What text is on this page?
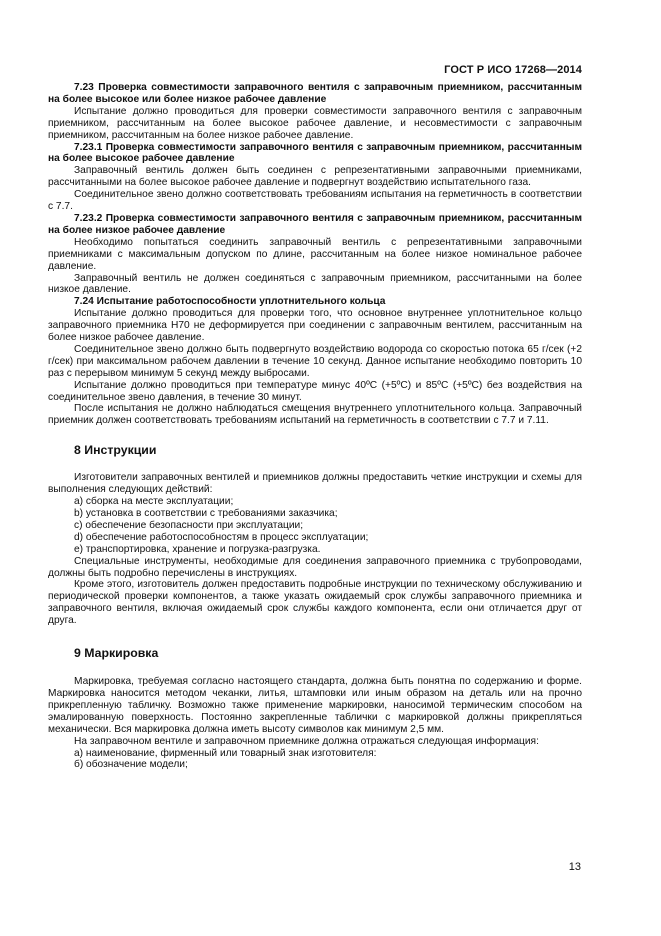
ГОСТ Р ИСО 17268—2014

7.23 Проверка совместимости заправочного вентиля с заправочным приемником, рассчитанным на более высокое или более низкое рабочее давление

Испытание должно проводиться для проверки совместимости заправочного вентиля с заправочным приемником, рассчитанным на более высокое рабочее давление, и несовместимости с заправочным приемником, рассчитанным на более низкое рабочее давление.

7.23.1 Проверка совместимости заправочного вентиля с заправочным приемником, рассчитанным на более высокое рабочее давление

Заправочный вентиль должен быть соединен с репрезентативными заправочными приемниками, рассчитанными на более высокое рабочее давление и подвергнут воздействию испытательного газа.

Соединительное звено должно соответствовать требованиям испытания на герметичность в соответствии с 7.7.

7.23.2 Проверка совместимости заправочного вентиля с заправочным приемником, рассчитанным на более низкое рабочее давление

Необходимо попытаться соединить заправочный вентиль с репрезентативными заправочными приемниками с максимальным допуском по длине, рассчитанным на более низкое номинальное рабочее давление.

Заправочный вентиль не должен соединяться с заправочным приемником, рассчитанными на более низкое давление.

7.24 Испытание работоспособности уплотнительного кольца

Испытание должно проводиться для проверки того, что основное внутреннее уплотнительное кольцо заправочного приемника Н70 не деформируется при соединении с заправочным вентилем, рассчитанным на более низкое рабочее давление.

Соединительное звено должно быть подвергнуто воздействию водорода со скоростью потока 65 г/сек (+2 г/сек) при максимальном рабочем давлении в течение 10 секунд. Данное испытание необходимо повторить 10 раз с перерывом минимум 5 секунд между выбросами.

Испытание должно проводиться при температуре минус 40ºС (+5ºС) и 85ºС (+5ºС) без воздействия на соединительное звено давления, в течение 30 минут.

После испытания не должно наблюдаться смещения внутреннего уплотнительного кольца. Заправочный приемник должен соответствовать требованиям испытаний на герметичность в соответствии с 7.7 и 7.11.

8 Инструкции

Изготовители заправочных вентилей и приемников должны предоставить четкие инструкции и схемы для выполнения следующих действий:

а) сборка на месте эксплуатации;

b) установка в соответствии с требованиями заказчика;

c) обеспечение безопасности при эксплуатации;

d) обеспечение работоспособностям в процесс эксплуатации;

е) транспортировка, хранение и погрузка-разгрузка.

Специальные инструменты, необходимые для соединения заправочного приемника с трубопроводами, должны быть подробно перечислены в инструкциях.

Кроме этого, изготовитель должен предоставить подробные инструкции по техническому обслуживанию и периодической проверки компонентов, а также указать ожидаемый срок службы заправочного приемника и заправочного вентиля, включая ожидаемый срок службы каждого компонента, если они отличается друг от друга.

9 Маркировка

Маркировка, требуемая согласно настоящего стандарта, должна быть понятна по содержанию и форме. Маркировка наносится методом чеканки, литья, штамповки или иным образом на деталь или на прочно прикрепленную табличку. Возможно также применение маркировки, наносимой термическим способом на эмалированную поверхность. Постоянно закрепленные таблички с маркировкой должны прикрепляться механически. Вся маркировка должна иметь высоту символов как минимум 2,5 мм.

На заправочном вентиле и заправочном приемнике должна отражаться следующая информация:

а) наименование, фирменный или товарный знак изготовителя:

б) обозначение модели;

13
